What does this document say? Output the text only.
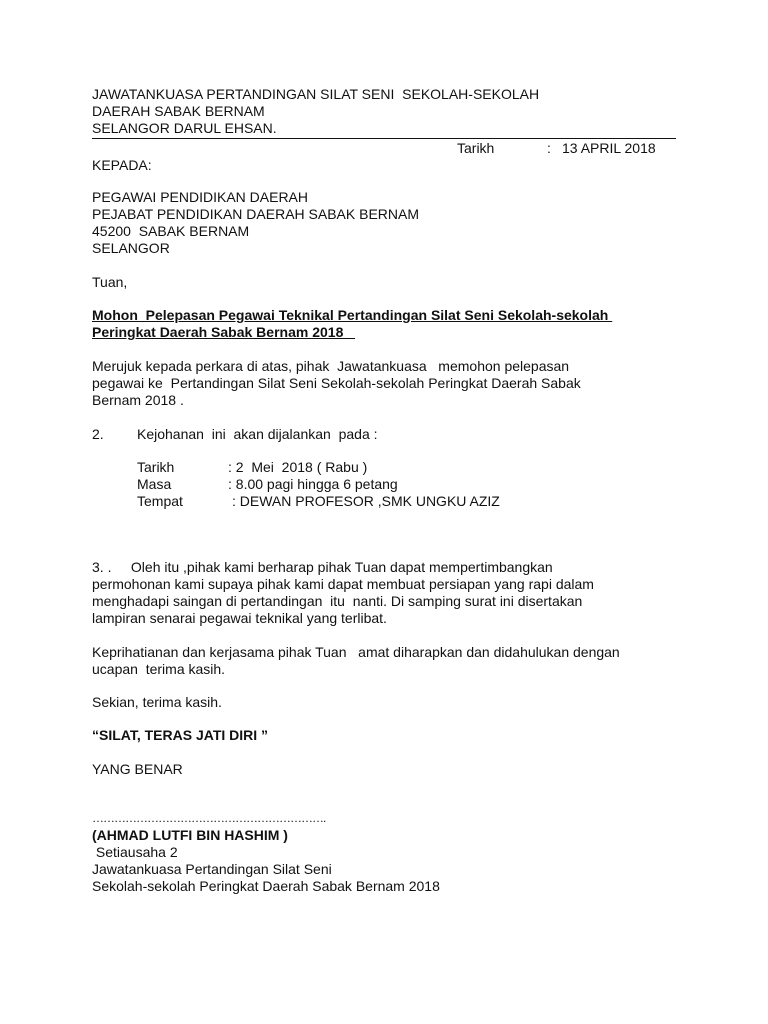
JAWATANKUASA PERTANDINGAN SILAT SENI  SEKOLAH-SEKOLAH
DAERAH SABAK BERNAM
SELANGOR DARUL EHSAN.
Tarikh	: 13 APRIL 2018
KEPADA:
PEGAWAI PENDIDIKAN DAERAH
PEJABAT PENDIDIKAN DAERAH SABAK BERNAM
45200  SABAK BERNAM
SELANGOR
Tuan,
Mohon  Pelepasan Pegawai Teknikal Pertandingan Silat Seni Sekolah-sekolah
Peringkat Daerah Sabak Bernam 2018
Merujuk kepada perkara di atas, pihak  Jawatankuasa   memohon pelepasan
pegawai ke  Pertandingan Silat Seni Sekolah-sekolah Peringkat Daerah Sabak
Bernam 2018 .
2. Kejohanan  ini  akan dijalankan  pada :
Tarikh	: 2  Mei  2018 ( Rabu )
Masa	: 8.00 pagi hingga 6 petang
Tempat	: DEWAN PROFESOR ,SMK UNGKU AZIZ
3. .     Oleh itu ,pihak kami berharap pihak Tuan dapat mempertimbangkan
permohonan kami supaya pihak kami dapat membuat persiapan yang rapi dalam
menghadapi saingan di pertandingan  itu  nanti. Di samping surat ini disertakan
lampiran senarai pegawai teknikal yang terlibat.
Keprihatianan dan kerjasama pihak Tuan   amat diharapkan dan didahulukan dengan
ucapan  terima kasih.
Sekian, terima kasih.
“SILAT, TERAS JATI DIRI ”
YANG BENAR
……………………………………………………….
(AHMAD LUTFI BIN HASHIM )
Setiausaha 2
Jawatankuasa Pertandingan Silat Seni
Sekolah-sekolah Peringkat Daerah Sabak Bernam 2018
